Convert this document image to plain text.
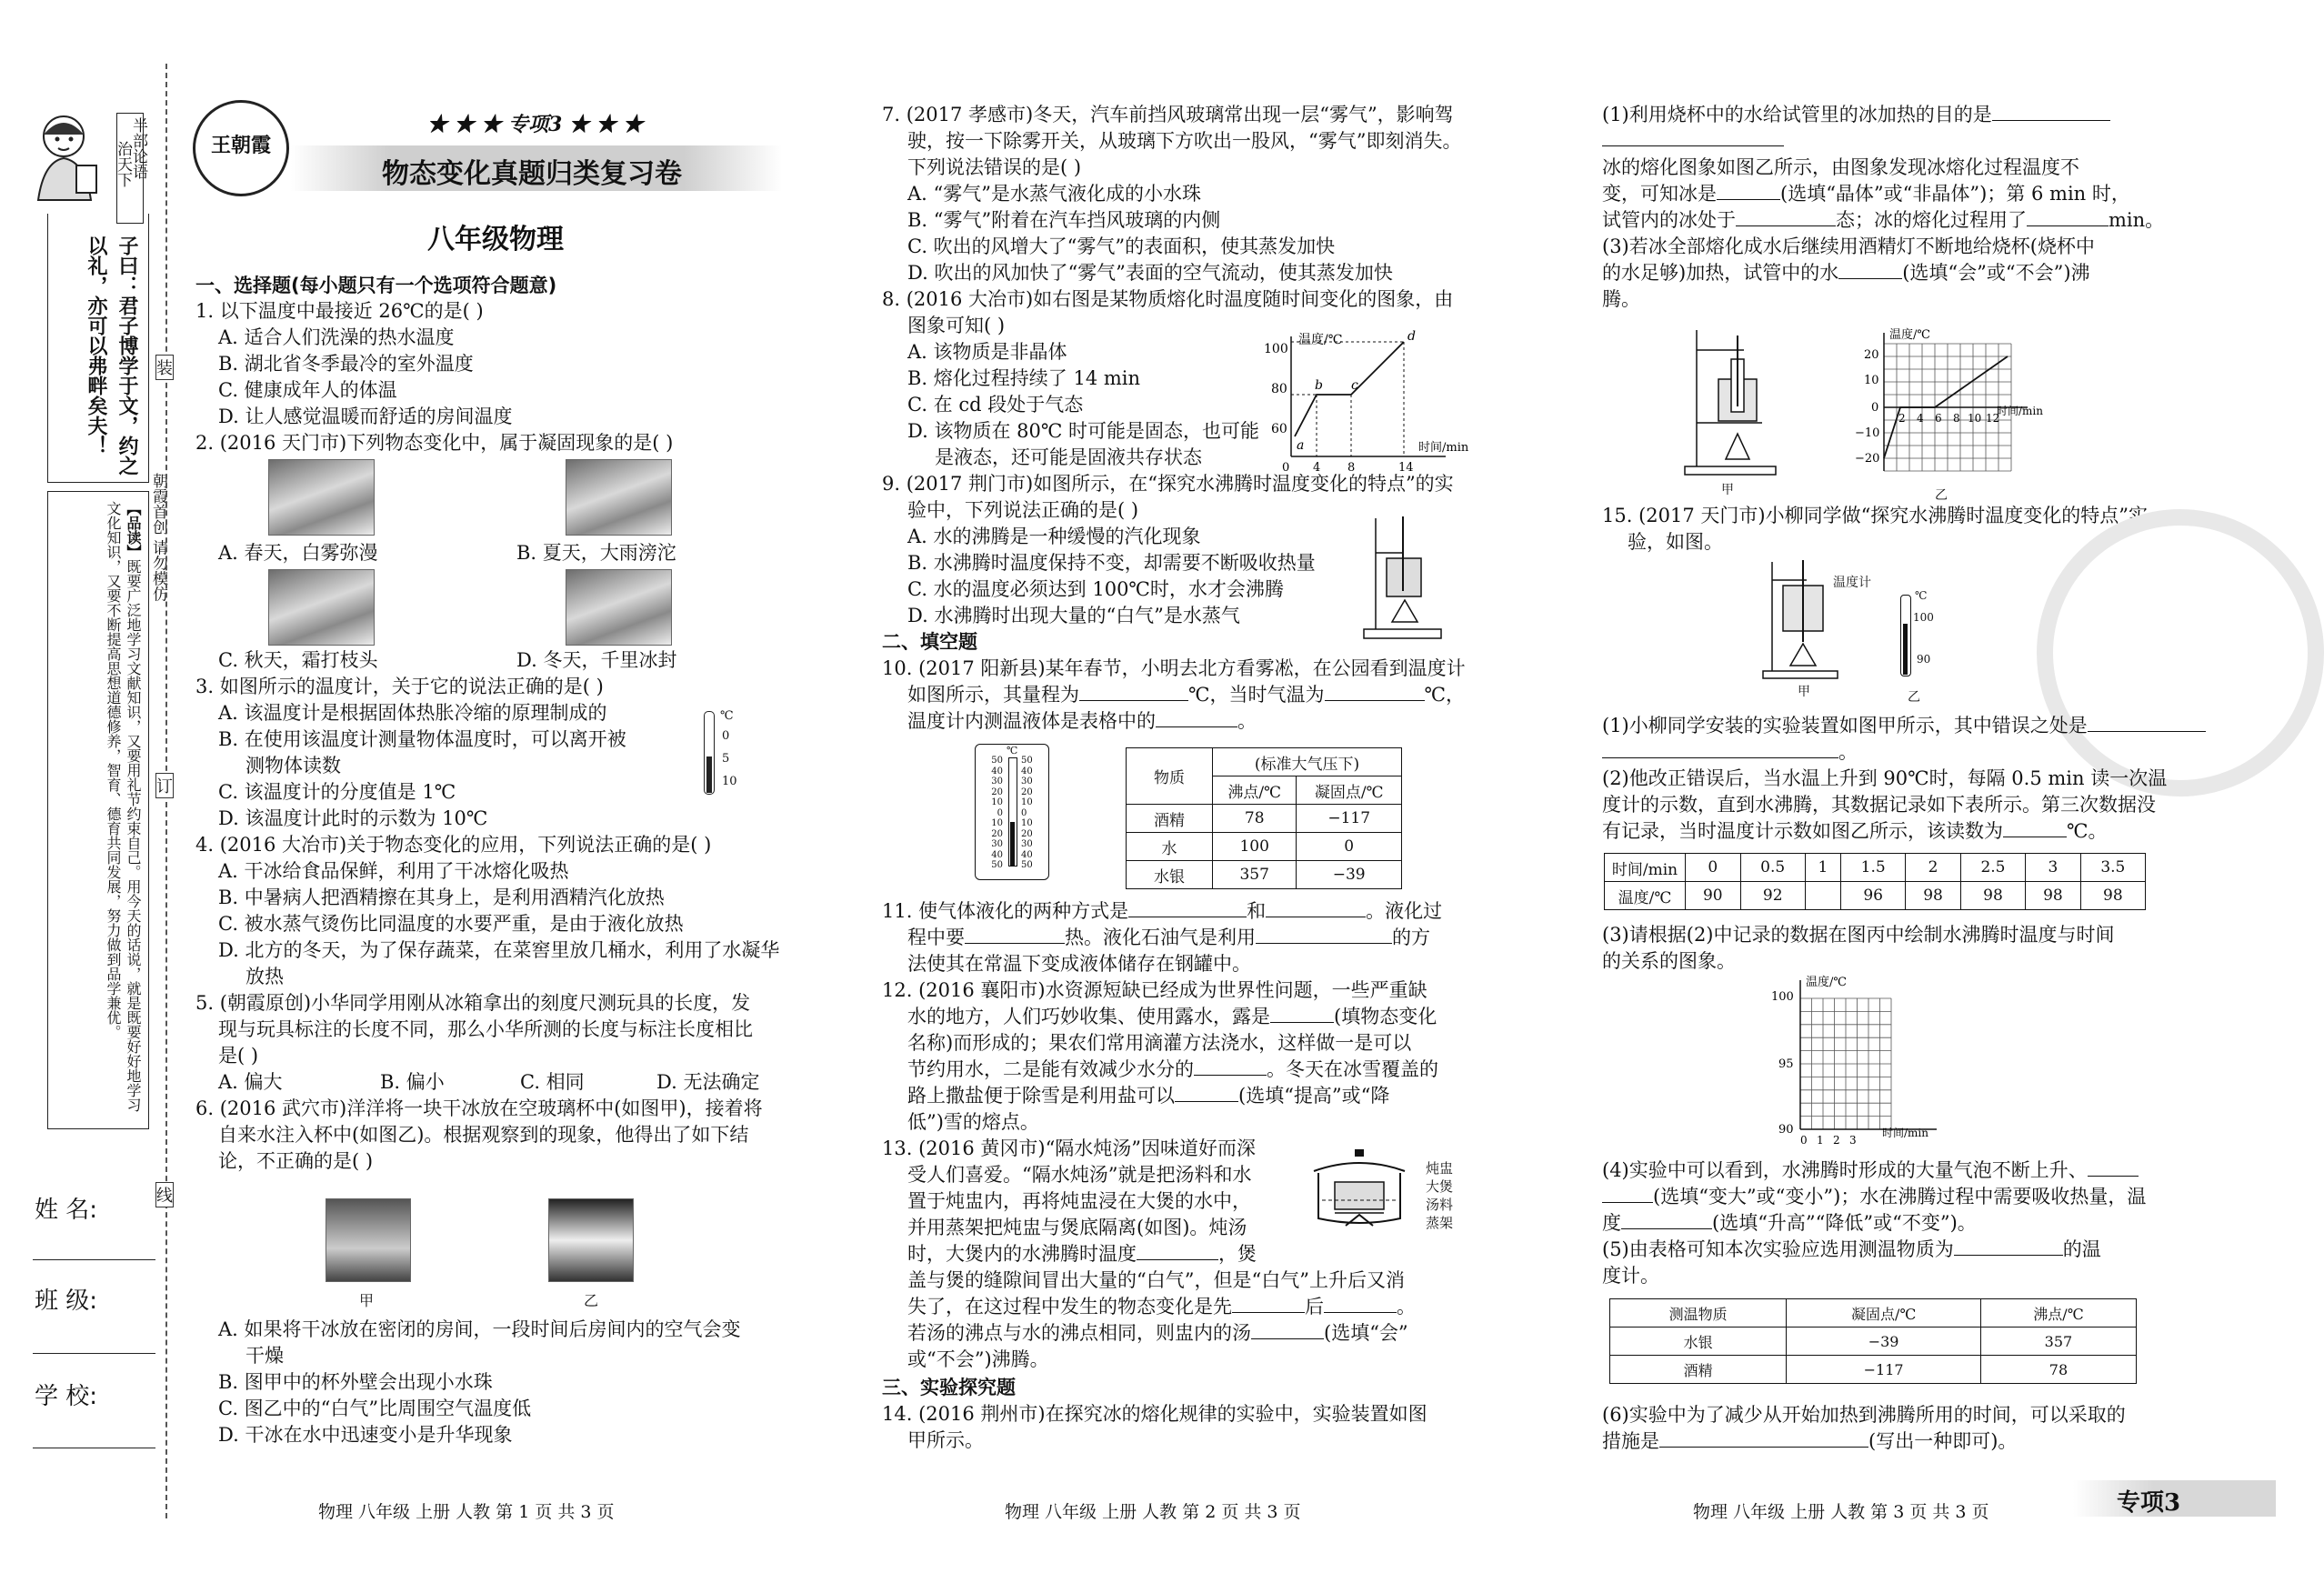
半部论语
治天下
子曰：君子博学于文，约之以礼，亦可以弗畔矣夫！
【品读】既要广泛地学习文献知识，又要用礼节约束自己。用今天的话说，就是既要好好地学习文化知识，又要不断提高思想道德修养，智育、德育共同发展，努力做到品学兼优。	朝霞首创 请勿模仿
装
订
线
姓 名:
班 级:
学 校:
王朝霞
★ ★ ★ 专项3 ★ ★ ★
物态变化真题归类复习卷
八年级物理
一、选择题(每小题只有一个选项符合题意)
1. 以下温度中最接近 26℃的是( )
A. 适合人们洗澡的热水温度
B. 湖北省冬季最冷的室外温度
C. 健康成年人的体温
D. 让人感觉温暖而舒适的房间温度
2. (2016 天门市)下列物态变化中，属于凝固现象的是( )
A. 春天，白雾弥漫	B. 夏天，大雨滂沱
C. 秋天，霜打枝头	D. 冬天，千里冰封
3. 如图所示的温度计，关于它的说法正确的是( )
A. 该温度计是根据固体热胀冷缩的原理制成的
B. 在使用该温度计测量物体温度时，可以离开被
测物体读数
C. 该温度计的分度值是 1℃
D. 该温度计此时的示数为 10℃
℃
0
5
10
4. (2016 大冶市)关于物态变化的应用，下列说法正确的是( )
A. 干冰给食品保鲜，利用了干冰熔化吸热
B. 中暑病人把酒精擦在其身上，是利用酒精汽化放热
C. 被水蒸气烫伤比同温度的水要严重，是由于液化放热
D. 北方的冬天，为了保存蔬菜，在菜窖里放几桶水，利用了水凝华
放热
5. (朝霞原创)小华同学用刚从冰箱拿出的刻度尺测玩具的长度，发
现与玩具标注的长度不同，那么小华所测的长度与标注长度相比
是( )
A. 偏大	B. 偏小	C. 相同	D. 无法确定
6. (2016 武穴市)洋洋将一块干冰放在空玻璃杯中(如图甲)，接着将
自来水注入杯中(如图乙)。根据观察到的现象，他得出了如下结
论，不正确的是( )
甲	乙
A. 如果将干冰放在密闭的房间，一段时间后房间内的空气会变
干燥
B. 图甲中的杯外壁会出现小水珠
C. 图乙中的“白气”比周围空气温度低
D. 干冰在水中迅速变小是升华现象
物理 八年级 上册 人教 第 1 页 共 3 页
7. (2017 孝感市)冬天，汽车前挡风玻璃常出现一层“雾气”，影响驾
驶，按一下除雾开关，从玻璃下方吹出一股风，“雾气”即刻消失。
下列说法错误的是( )
A. “雾气”是水蒸气液化成的小水珠
B. “雾气”附着在汽车挡风玻璃的内侧
C. 吹出的风增大了“雾气”的表面积，使其蒸发加快
D. 吹出的风加快了“雾气”表面的空气流动，使其蒸发加快
8. (2016 大冶市)如右图是某物质熔化时温度随时间变化的图象，由
图象可知( )
A. 该物质是非晶体
B. 熔化过程持续了 14 min
C. 在 cd 段处于气态
D. 该物质在 80℃ 时可能是固态，也可能
是液态，还可能是固液共存状态
温度/℃
时间/min
100
80
60
0 4 8	14
a
b c
d
9. (2017 荆门市)如图所示，在“探究水沸腾时温度变化的特点”的实
验中，下列说法正确的是( )
A. 水的沸腾是一种缓慢的汽化现象
B. 水沸腾时温度保持不变，却需要不断吸收热量
C. 水的温度必须达到 100℃时，水才会沸腾
D. 水沸腾时出现大量的“白气”是水蒸气
二、填空题
10. (2017 阳新县)某年春节，小明去北方看雾凇，在公园看到温度计
如图所示，其量程为	℃，当时气温为	℃，
温度计内测温液体是表格中的	。
℃
50
40
30
20
10
0
10
20
30
40
50
50
40
30
20
10
0
10
20
30
40
50
物质	(标准大气压下)	
	沸点/℃	凝固点/℃
酒精	78	−117
水	100	0
水银	357	−39
11. 使气体液化的两种方式是	和	。液化过
程中要	热。液化石油气是利用	的方
法使其在常温下变成液体储存在钢罐中。
12. (2016 襄阳市)水资源短缺已经成为世界性问题，一些严重缺
水的地方，人们巧妙收集、使用露水，露是	(填物态变化
名称)而形成的；果农们常用滴灌方法浇水，这样做一是可以
节约用水，二是能有效减少水分的	。冬天在冰雪覆盖的
路上撒盐便于除雪是利用盐可以	(选填“提高”或“降
低”)雪的熔点。
13. (2016 黄冈市)“隔水炖汤”因味道好而深
受人们喜爱。“隔水炖汤”就是把汤料和水
置于炖盅内，再将炖盅浸在大煲的水中，
并用蒸架把炖盅与煲底隔离(如图)。炖汤
时，大煲内的水沸腾时温度	，煲
盖与煲的缝隙间冒出大量的“白气”，但是“白气”上升后又消
失了，在这过程中发生的物态变化是先	后	。
若汤的沸点与水的沸点相同，则盅内的汤	(选填“会”
或“不会”)沸腾。
炖盅
大煲
汤料
蒸架
三、实验探究题
14. (2016 荆州市)在探究冰的熔化规律的实验中，实验装置如图
甲所示。
物理 八年级 上册 人教 第 2 页 共 3 页
(1)利用烧杯中的水给试管里的冰加热的目的是
冰的熔化图象如图乙所示，由图象发现冰熔化过程温度不
变，可知冰是	(选填“晶体”或“非晶体”)；第 6 min 时，
试管内的冰处于	态；冰的熔化过程用了	min。
(3)若冰全部熔化成水后继续用酒精灯不断地给烧杯(烧杯中
的水足够)加热，试管中的水	(选填“会”或“不会”)沸
腾。
甲
温度/℃
时间/min
20
10
0
−10
−20
2 4 6 8 10 12
乙
15. (2017 天门市)小柳同学做“探究水沸腾时温度变化的特点”实
验，如图。
温度计
甲
℃
100
90
乙
(1)小柳同学安装的实验装置如图甲所示，其中错误之处是
。
(2)他改正错误后，当水温上升到 90℃时，每隔 0.5 min 读一次温
度计的示数，直到水沸腾，其数据记录如下表所示。第三次数据没
有记录，当时温度计示数如图乙所示，该读数为	℃。
时间/min	0	0.5	1	1.5	2	2.5	3	3.5
温度/℃	90	92		96	98	98	98	98
(3)请根据(2)中记录的数据在图丙中绘制水沸腾时温度与时间
的关系的图象。
温度/℃
时间/min
100
95
90
0 1 2 3
(4)实验中可以看到，水沸腾时形成的大量气泡不断上升、
(选填“变大”或“变小”)；水在沸腾过程中需要吸收热量，温
度	(选填“升高”“降低”或“不变”)。
(5)由表格可知本次实验应选用测温物质为	的温
度计。
测温物质	凝固点/℃	沸点/℃
水银	−39	357
酒精	−117	78
(6)实验中为了减少从开始加热到沸腾所用的时间，可以采取的
措施是	(写出一种即可)。
物理 八年级 上册 人教 第 3 页 共 3 页	专项3
